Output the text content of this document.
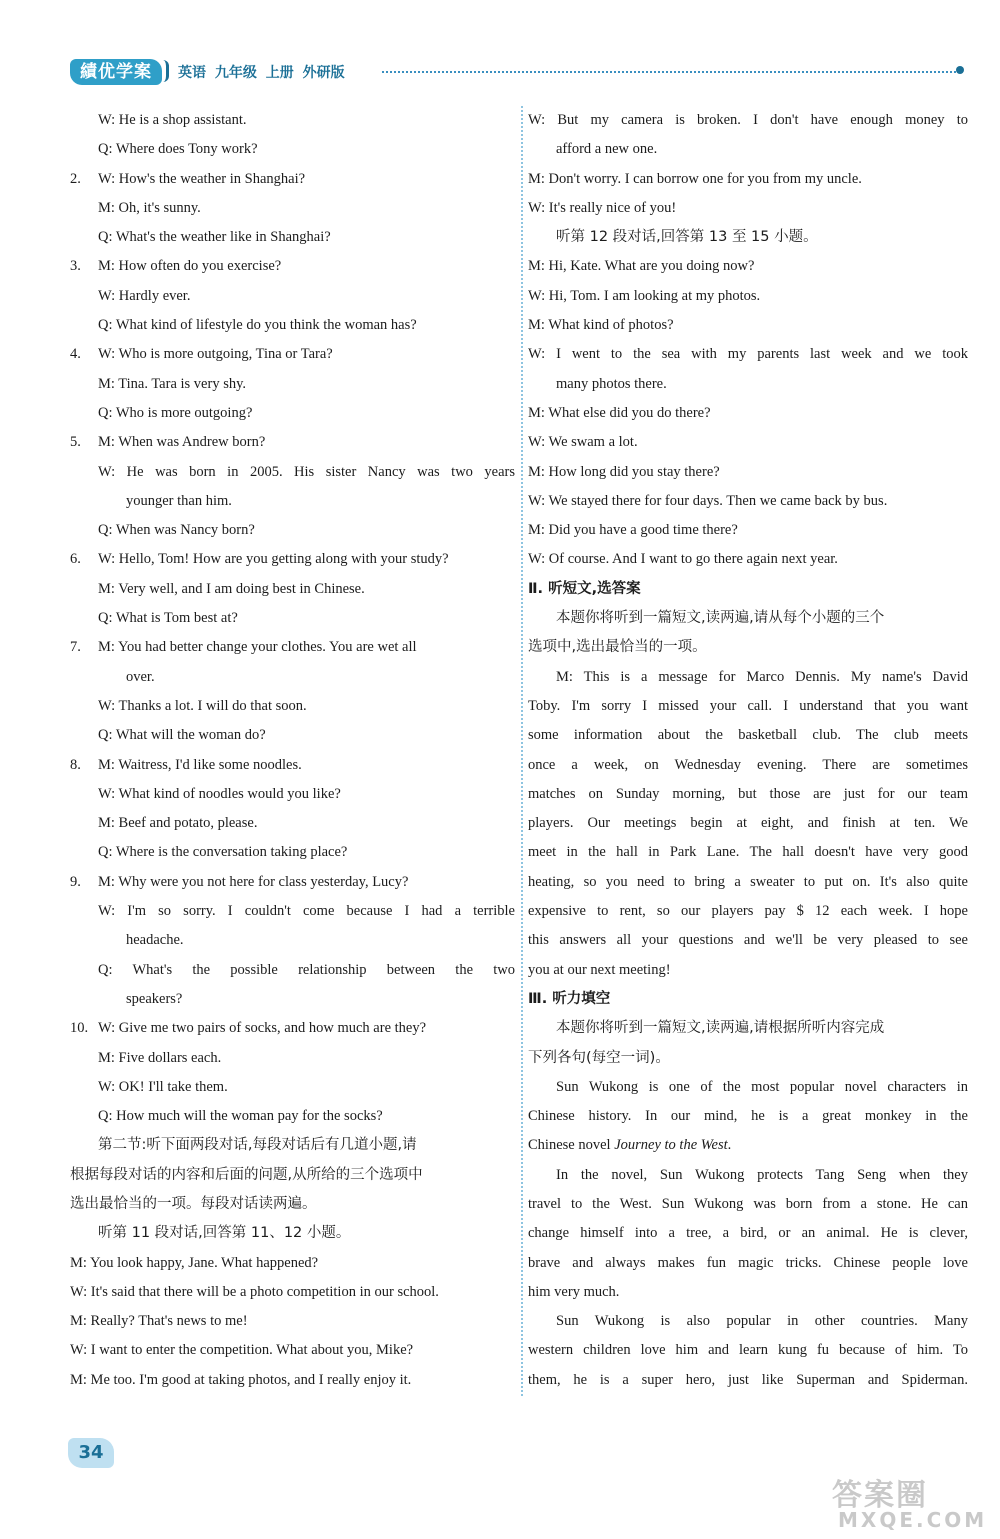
績优学案	英语 九年级 上册 外研版
W: He is a shop assistant.
Q: Where does Tony work?
2. W: How's the weather in Shanghai?
M: Oh, it's sunny.
Q: What's the weather like in Shanghai?
3. M: How often do you exercise?
W: Hardly ever.
Q: What kind of lifestyle do you think the woman has?
4. W: Who is more outgoing, Tina or Tara?
M: Tina. Tara is very shy.
Q: Who is more outgoing?
5. M: When was Andrew born?
W: He was born in 2005. His sister Nancy was two years
younger than him.
Q: When was Nancy born?
6. W: Hello, Tom! How are you getting along with your study?
M: Very well, and I am doing best in Chinese.
Q: What is Tom best at?
7. M: You had better change your clothes. You are wet all
over.
W: Thanks a lot. I will do that soon.
Q: What will the woman do?
8. M: Waitress, I'd like some noodles.
W: What kind of noodles would you like?
M: Beef and potato, please.
Q: Where is the conversation taking place?
9. M: Why were you not here for class yesterday, Lucy?
W: I'm so sorry. I couldn't come because I had a terrible
headache.
Q: What's the possible relationship between the two
speakers?
10. W: Give me two pairs of socks, and how much are they?
M: Five dollars each.
W: OK! I'll take them.
Q: How much will the woman pay for the socks?
第二节:听下面两段对话,每段对话后有几道小题,请
根据每段对话的内容和后面的问题,从所给的三个选项中
选出最恰当的一项。每段对话读两遍。
听第 11 段对话,回答第 11、12 小题。
M: You look happy, Jane. What happened?
W: It's said that there will be a photo competition in our school.
M: Really? That's news to me!
W: I want to enter the competition. What about you, Mike?
M: Me too. I'm good at taking photos, and I really enjoy it.
W: But my camera is broken. I don't have enough money to
afford a new one.
M: Don't worry. I can borrow one for you from my uncle.
W: It's really nice of you!
听第 12 段对话,回答第 13 至 15 小题。
M: Hi, Kate. What are you doing now?
W: Hi, Tom. I am looking at my photos.
M: What kind of photos?
W: I went to the sea with my parents last week and we took
many photos there.
M: What else did you do there?
W: We swam a lot.
M: How long did you stay there?
W: We stayed there for four days. Then we came back by bus.
M: Did you have a good time there?
W: Of course. And I want to go there again next year.
Ⅱ. 听短文,选答案
本题你将听到一篇短文,读两遍,请从每个小题的三个
选项中,选出最恰当的一项。
M: This is a message for Marco Dennis. My name's David
Toby. I'm sorry I missed your call. I understand that you want
some information about the basketball club. The club meets
once a week, on Wednesday evening. There are sometimes
matches on Sunday morning, but those are just for our team
players. Our meetings begin at eight, and finish at ten. We
meet in the hall in Park Lane. The hall doesn't have very good
heating, so you need to bring a sweater to put on. It's also quite
expensive to rent, so our players pay $ 12 each week. I hope
this answers all your questions and we'll be very pleased to see
you at our next meeting!
Ⅲ. 听力填空
本题你将听到一篇短文,读两遍,请根据所听内容完成
下列各句(每空一词)。
Sun Wukong is one of the most popular novel characters in
Chinese history. In our mind, he is a great monkey in the
Chinese novel Journey to the West.
In the novel, Sun Wukong protects Tang Seng when they
travel to the West. Sun Wukong was born from a stone. He can
change himself into a tree, a bird, or an animal. He is clever,
brave and always makes fun magic tricks. Chinese people love
him very much.
Sun Wukong is also popular in other countries. Many
western children love him and learn kung fu because of him. To
them, he is a super hero, just like Superman and Spiderman.
34
答案圈
MXQE.COM
